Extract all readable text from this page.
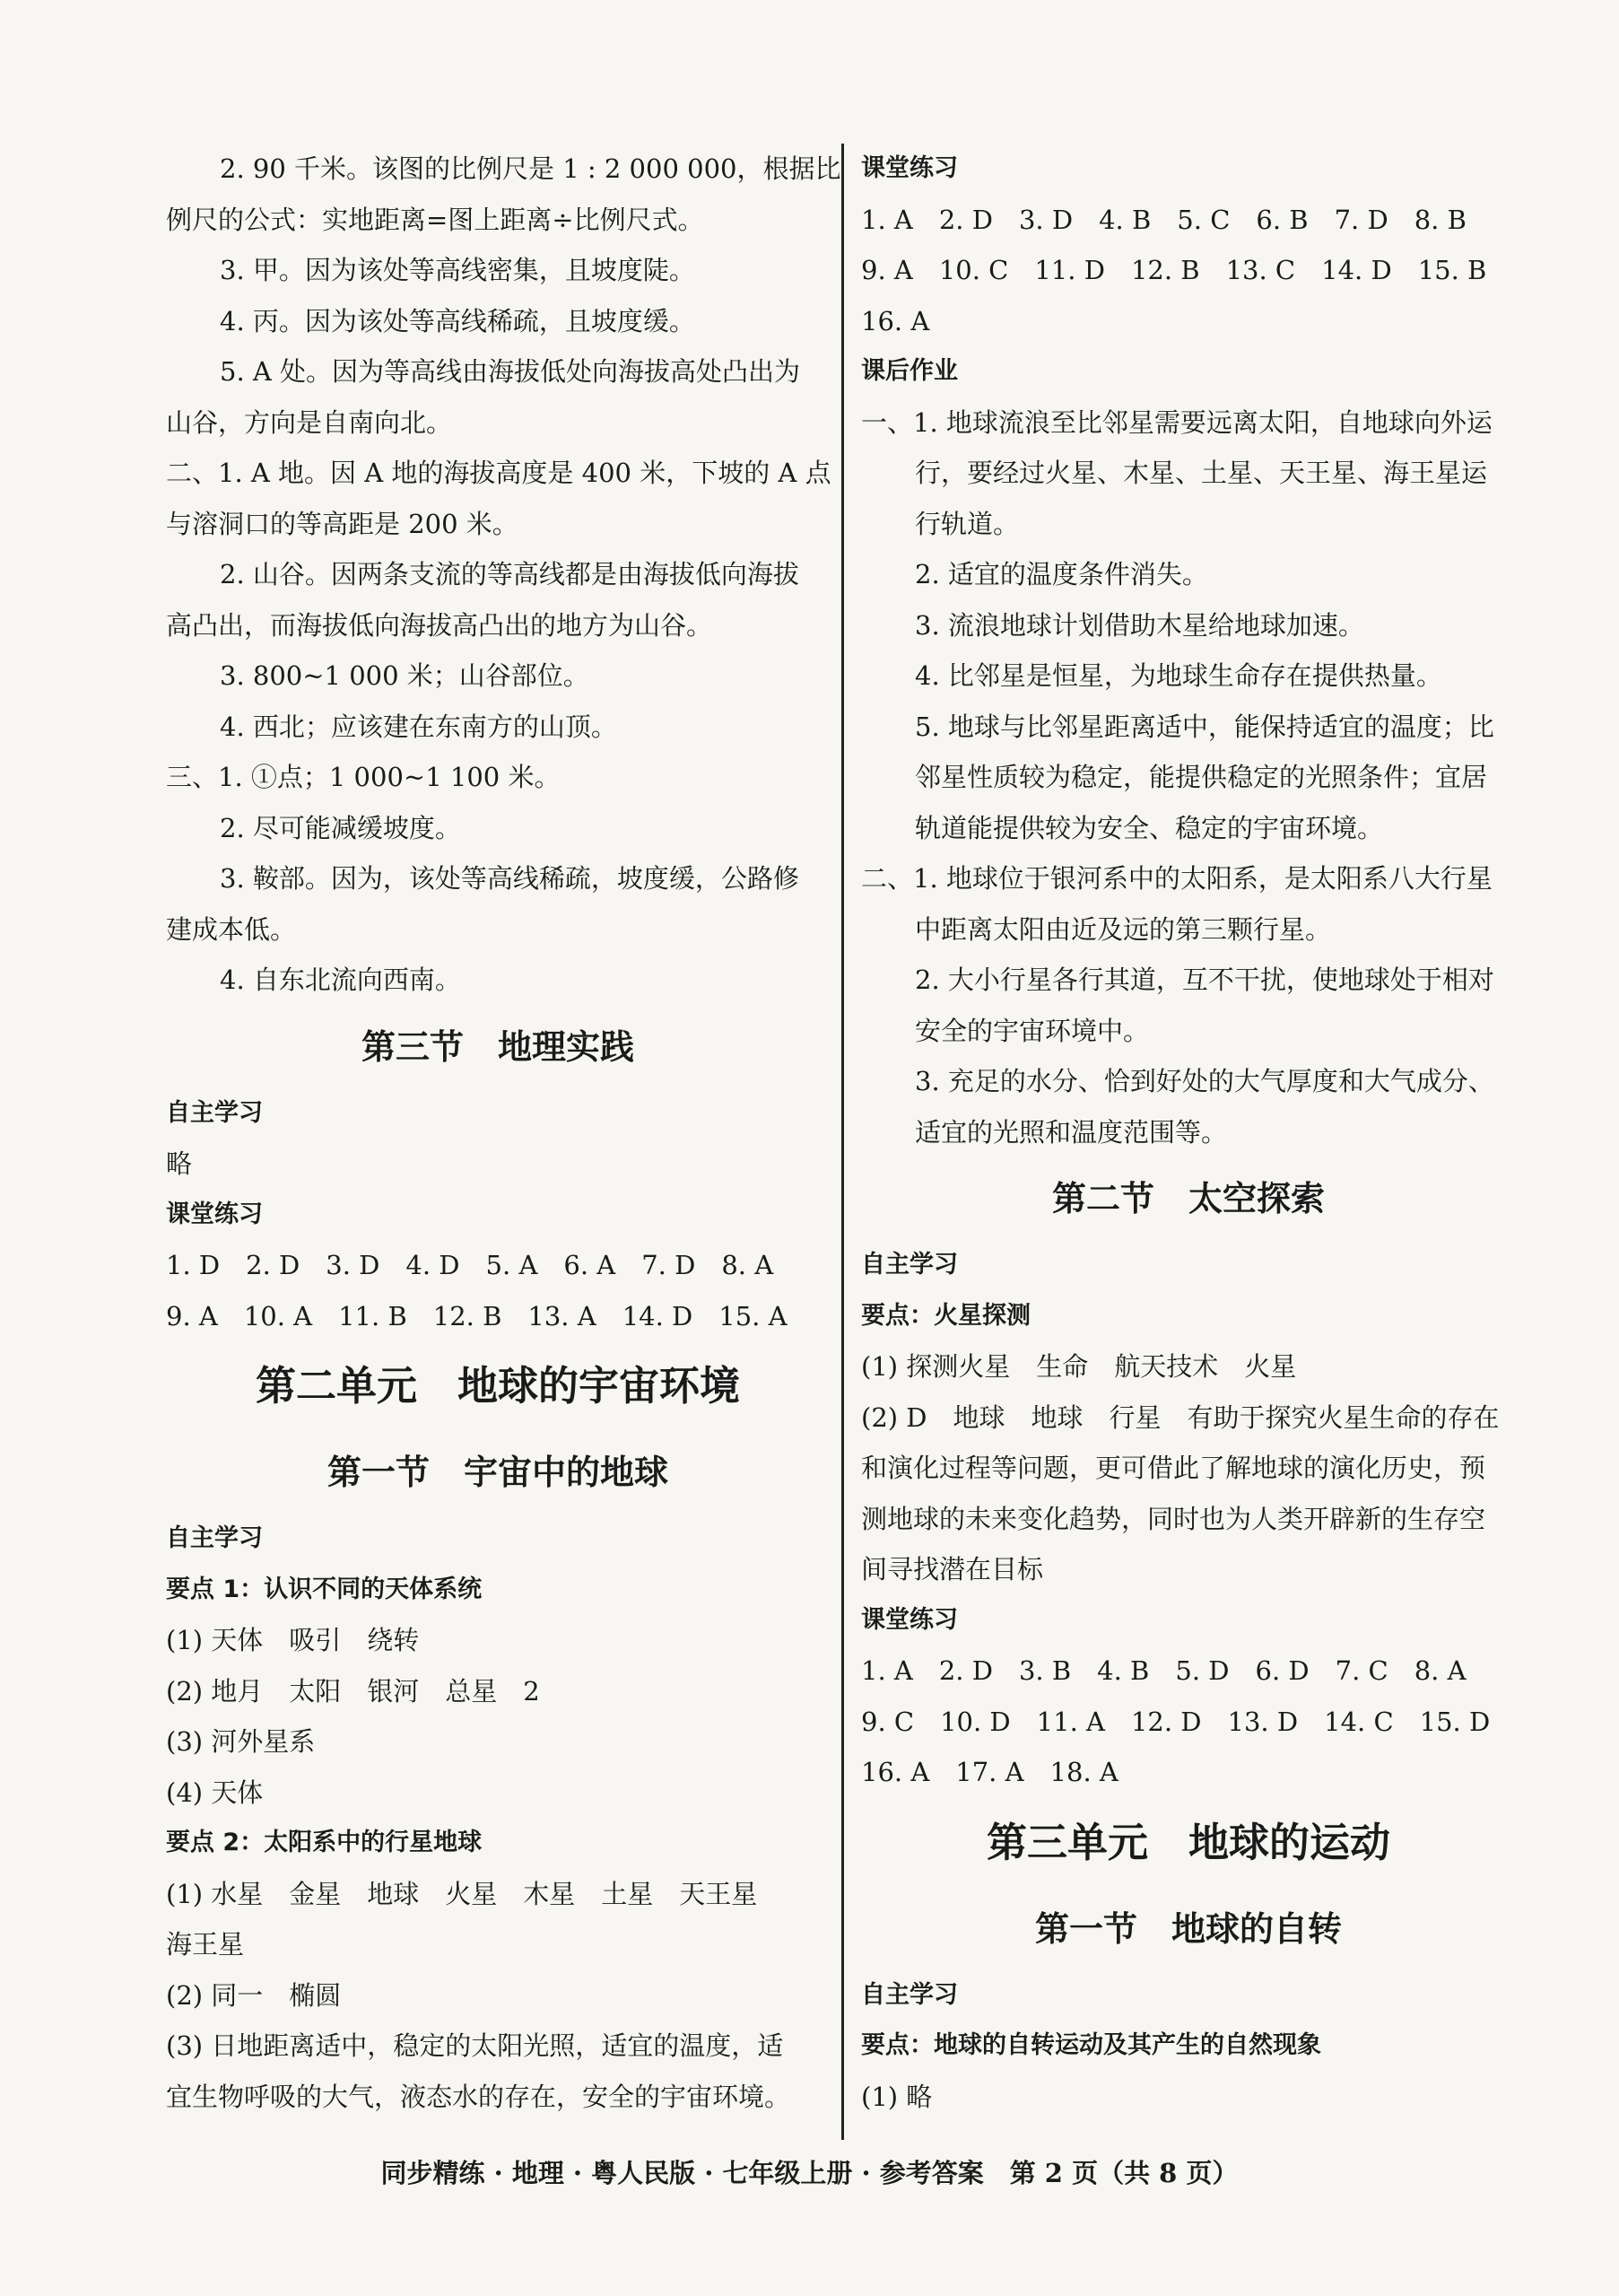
2. 90 千米。该图的比例尺是 1 : 2 000 000，根据比
例尺的公式：实地距离=图上距离÷比例尺式。
3. 甲。因为该处等高线密集，且坡度陡。
4. 丙。因为该处等高线稀疏，且坡度缓。
5. A 处。因为等高线由海拔低处向海拔高处凸出为
山谷，方向是自南向北。
二、1. A 地。因 A 地的海拔高度是 400 米，下坡的 A 点
与溶洞口的等高距是 200 米。
2. 山谷。因两条支流的等高线都是由海拔低向海拔
高凸出，而海拔低向海拔高凸出的地方为山谷。
3. 800~1 000 米；山谷部位。
4. 西北；应该建在东南方的山顶。
三、1. ①点；1 000~1 100 米。
2. 尽可能减缓坡度。
3. 鞍部。因为，该处等高线稀疏，坡度缓，公路修
建成本低。
4. 自东北流向西南。
第三节　地理实践
自主学习
略
课堂练习
1. D　2. D　3. D　4. D　5. A　6. A　7. D　8. A
9. A　10. A　11. B　12. B　13. A　14. D　15. A
第二单元　地球的宇宙环境
第一节　宇宙中的地球
自主学习
要点 1：认识不同的天体系统
(1) 天体　吸引　绕转
(2) 地月　太阳　银河　总星　2
(3) 河外星系
(4) 天体
要点 2：太阳系中的行星地球
(1) 水星　金星　地球　火星　木星　土星　天王星
海王星
(2) 同一　椭圆
(3) 日地距离适中，稳定的太阳光照，适宜的温度，适
宜生物呼吸的大气，液态水的存在，安全的宇宙环境。
课堂练习
1. A　2. D　3. D　4. B　5. C　6. B　7. D　8. B
9. A　10. C　11. D　12. B　13. C　14. D　15. B
16. A
课后作业
一、1. 地球流浪至比邻星需要远离太阳，自地球向外运
行，要经过火星、木星、土星、天王星、海王星运
行轨道。
2. 适宜的温度条件消失。
3. 流浪地球计划借助木星给地球加速。
4. 比邻星是恒星，为地球生命存在提供热量。
5. 地球与比邻星距离适中，能保持适宜的温度；比
邻星性质较为稳定，能提供稳定的光照条件；宜居
轨道能提供较为安全、稳定的宇宙环境。
二、1. 地球位于银河系中的太阳系，是太阳系八大行星
中距离太阳由近及远的第三颗行星。
2. 大小行星各行其道，互不干扰，使地球处于相对
安全的宇宙环境中。
3. 充足的水分、恰到好处的大气厚度和大气成分、
适宜的光照和温度范围等。
第二节　太空探索
自主学习
要点：火星探测
(1) 探测火星　生命　航天技术　火星
(2) D　地球　地球　行星　有助于探究火星生命的存在
和演化过程等问题，更可借此了解地球的演化历史，预
测地球的未来变化趋势，同时也为人类开辟新的生存空
间寻找潜在目标
课堂练习
1. A　2. D　3. B　4. B　5. D　6. D　7. C　8. A
9. C　10. D　11. A　12. D　13. D　14. C　15. D
16. A　17. A　18. A
第三单元　地球的运动
第一节　地球的自转
自主学习
要点：地球的自转运动及其产生的自然现象
(1) 略
同步精练 · 地理 · 粤人民版 · 七年级上册 · 参考答案　第 2 页（共 8 页）
